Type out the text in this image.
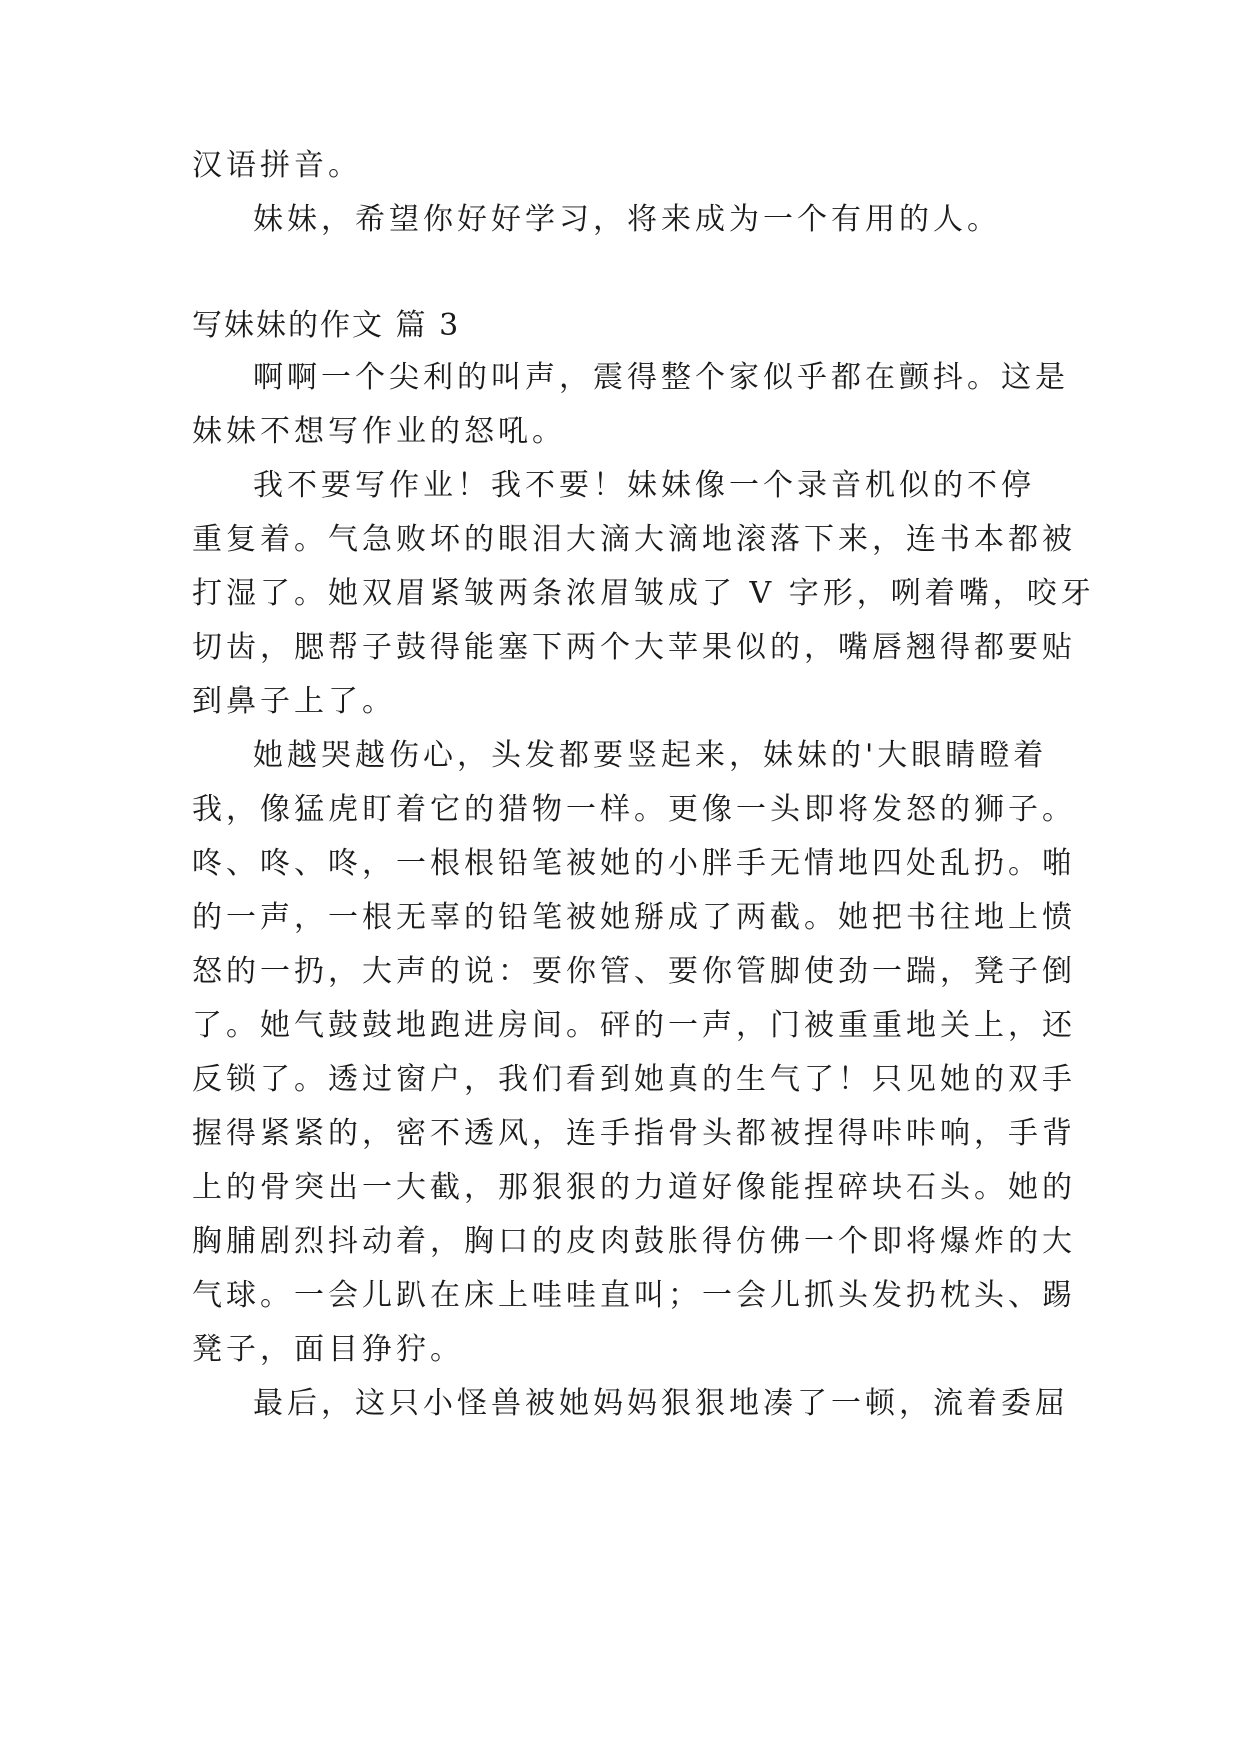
汉语拼音。
妹妹，希望你好好学习，将来成为一个有用的人。
写妹妹的作文 篇 3
啊啊一个尖利的叫声，震得整个家似乎都在颤抖。这是
妹妹不想写作业的怒吼。
我不要写作业！我不要！妹妹像一个录音机似的不停
重复着。气急败坏的眼泪大滴大滴地滚落下来，连书本都被
打湿了。她双眉紧皱两条浓眉皱成了 V 字形，咧着嘴，咬牙
切齿，腮帮子鼓得能塞下两个大苹果似的，嘴唇翘得都要贴
到鼻子上了。
她越哭越伤心，头发都要竖起来，妹妹的'大眼睛瞪着
我，像猛虎盯着它的猎物一样。更像一头即将发怒的狮子。
咚、咚、咚，一根根铅笔被她的小胖手无情地四处乱扔。啪
的一声，一根无辜的铅笔被她掰成了两截。她把书往地上愤
怒的一扔，大声的说：要你管、要你管脚使劲一踹，凳子倒
了。她气鼓鼓地跑进房间。砰的一声，门被重重地关上，还
反锁了。透过窗户，我们看到她真的生气了！只见她的双手
握得紧紧的，密不透风，连手指骨头都被捏得咔咔响，手背
上的骨突出一大截，那狠狠的力道好像能捏碎块石头。她的
胸脯剧烈抖动着，胸口的皮肉鼓胀得仿佛一个即将爆炸的大
气球。一会儿趴在床上哇哇直叫；一会儿抓头发扔枕头、踢
凳子，面目狰狞。
最后，这只小怪兽被她妈妈狠狠地凑了一顿，流着委屈
